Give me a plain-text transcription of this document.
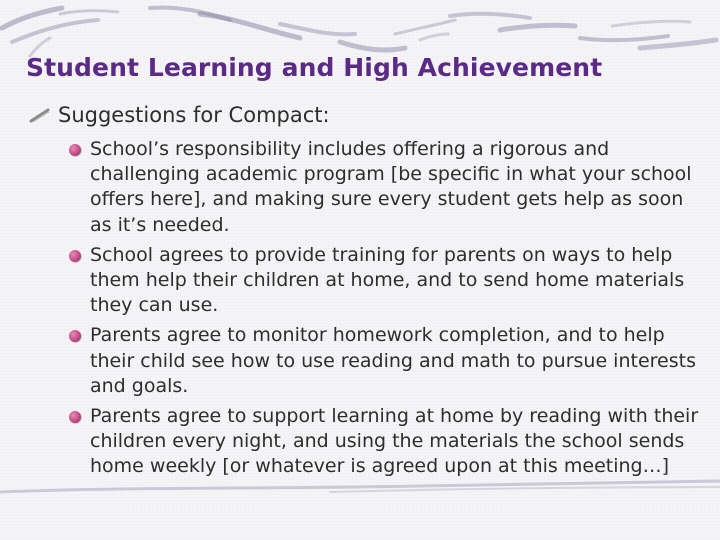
Student Learning and High Achievement
Suggestions for Compact:
School’s responsibility includes offering a rigorous and challenging academic program [be specific in what your school offers here], and making sure every student gets help as soon as it’s needed.
School agrees to provide training for parents on ways to help them help their children at home, and to send home materials they can use.
Parents agree to monitor homework completion, and to help their child see how to use reading and math to pursue interests and goals.
Parents agree to support learning at home by reading with their children every night, and using the materials the school sends home weekly [or whatever is agreed upon at this meeting…]
